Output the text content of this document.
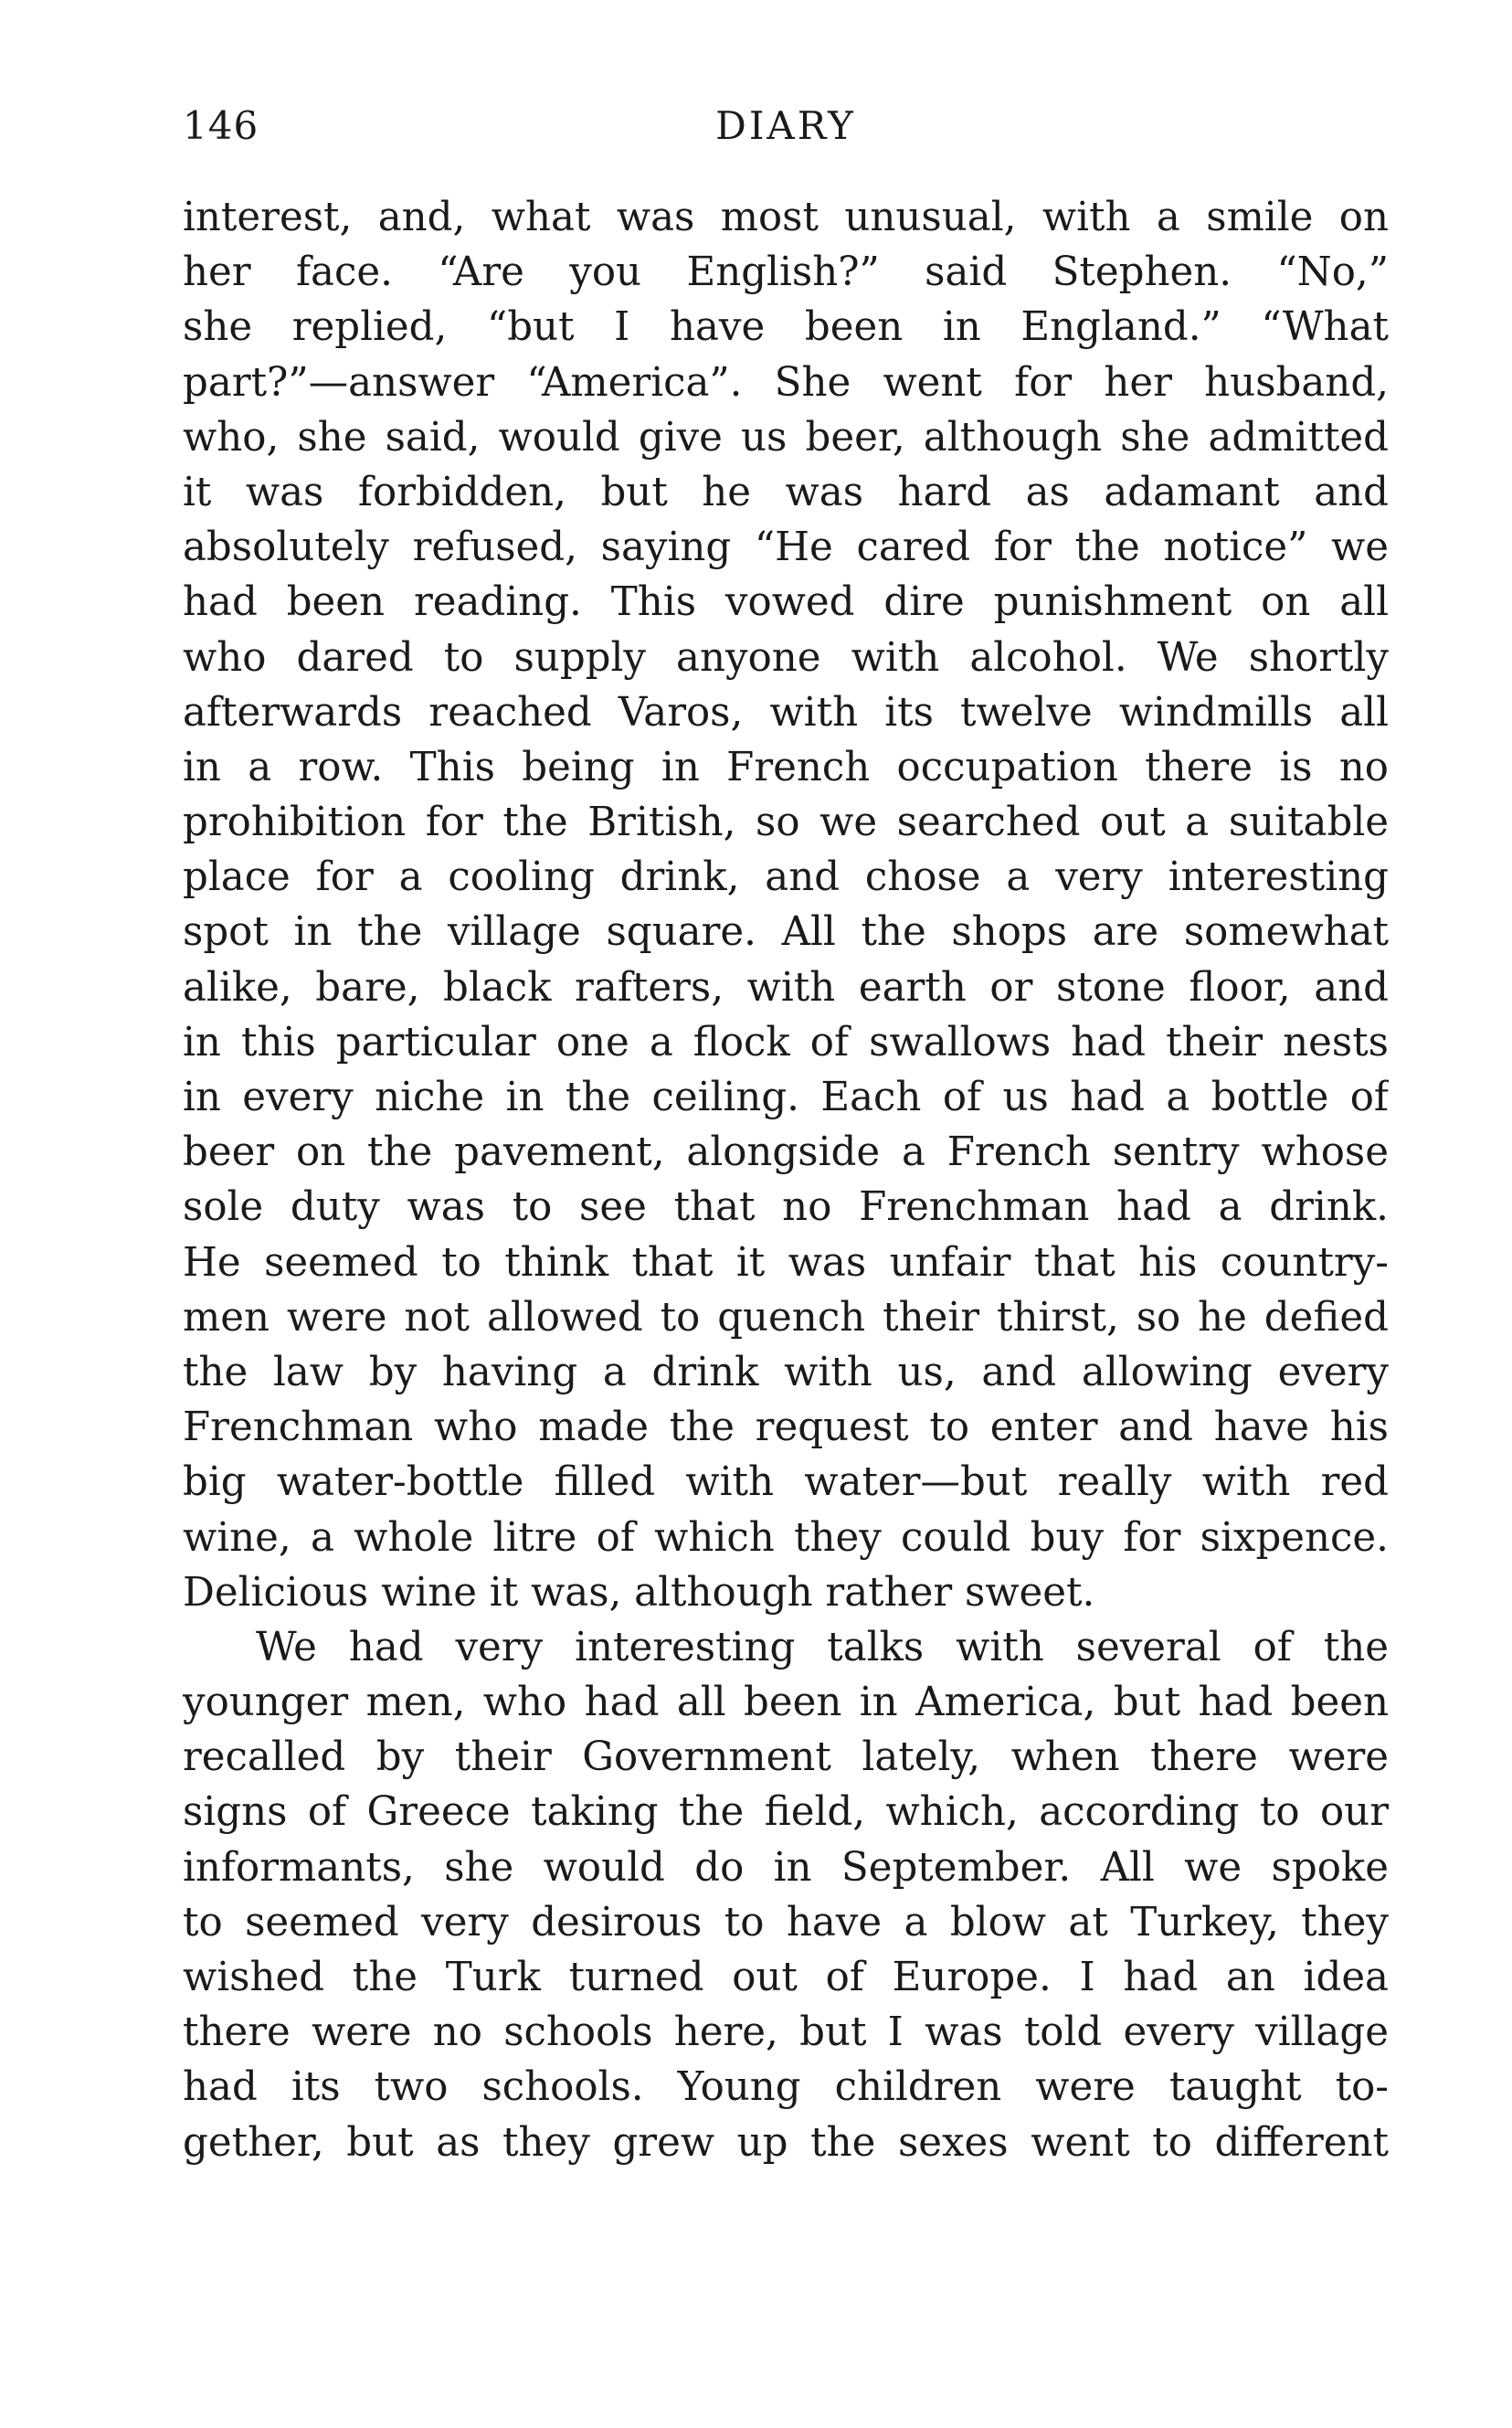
146	DIARY
interest, and, what was most unusual, with a smile on
her face. “Are you English?” said Stephen. “No,”
she replied, “but I have been in England.” “What
part?”—answer “America”. She went for her husband,
who, she said, would give us beer, although she admitted
it was forbidden, but he was hard as adamant and
absolutely refused, saying “He cared for the notice” we
had been reading. This vowed dire punishment on all
who dared to supply anyone with alcohol. We shortly
afterwards reached Varos, with its twelve windmills all
in a row. This being in French occupation there is no
prohibition for the British, so we searched out a suitable
place for a cooling drink, and chose a very interesting
spot in the village square. All the shops are somewhat
alike, bare, black rafters, with earth or stone floor, and
in this particular one a flock of swallows had their nests
in every niche in the ceiling. Each of us had a bottle of
beer on the pavement, alongside a French sentry whose
sole duty was to see that no Frenchman had a drink.
He seemed to think that it was unfair that his country-
men were not allowed to quench their thirst, so he defied
the law by having a drink with us, and allowing every
Frenchman who made the request to enter and have his
big water-bottle filled with water—but really with red
wine, a whole litre of which they could buy for sixpence.
Delicious wine it was, although rather sweet.
We had very interesting talks with several of the
younger men, who had all been in America, but had been
recalled by their Government lately, when there were
signs of Greece taking the field, which, according to our
informants, she would do in September. All we spoke
to seemed very desirous to have a blow at Turkey, they
wished the Turk turned out of Europe. I had an idea
there were no schools here, but I was told every village
had its two schools. Young children were taught to-
gether, but as they grew up the sexes went to different
